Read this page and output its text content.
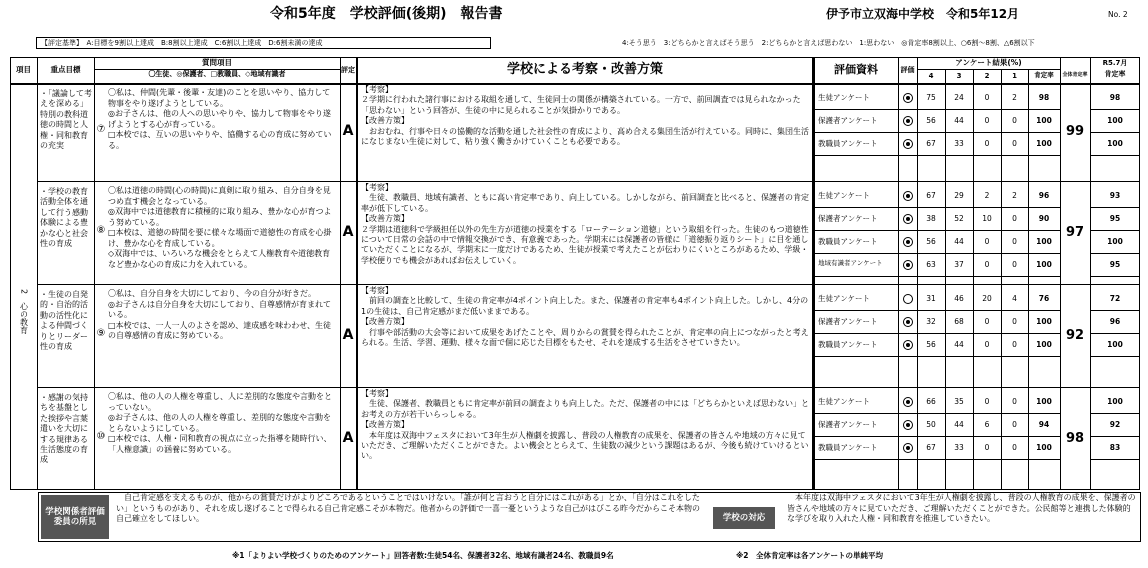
令和5年度　学校評価(後期)　報告書	伊予市立双海中学校　令和5年12月	No. 2
【評定基準】　A:目標を9割以上達成　B:8割以上達成　C:6割以上達成　D:6割未満の達成	4:そう思う　3:どちらかと言えばそう思う　2:どちらかと言えば思わない　1:思わない　◎肯定率8割以上、○6割～8割、△6割以下
項目	重点目標
質問項目
〇生徒、◎保護者、□教職員、◇地域有識者
評定	学校による考察・改善方策	評価資料	評価
アンケート結果(%)
4	3	2	1	肯定率	全体肯定率
R5.7月
肯定率
2　心の教育
・「議論して考えを深める」特別の教科道徳の時間と人権・同和教育の充実
⑦
〇私は、仲間(先輩・後輩・友達)のことを思いやり、協力して物事をやり遂げようとしている。
◎お子さんは、他の人への思いやりや、協力して物事をやり遂げようとする心が育っている。
□本校では、互いの思いやりや、協働する心の育成に努めている。
A
【考察】
２学期に行われた諸行事における取組を通して、生徒同士の関係が構築されている。一方で、前回調査では見られなかった「思わない」という回答が、生徒の中に見られることが気掛かりである。
【改善方策】
　おおむね、行事や日々の協働的な活動を通した社会性の育成により、高め合える集団生活が行えている。同時に、集団生活になじまない生徒に対して、粘り強く働きかけていくことも必要である。
99
生徒アンケート	75	24	0	2	98	98
保護者アンケート	56	44	0	0	100	100
教職員アンケート	67	33	0	0	100	100
・学校の教育活動全体を通して行う感動体験による豊かな心と社会性の育成
⑧
〇私は道徳の時間(心の時間)に真剣に取り組み、自分自身を見つめ直す機会となっている。
◎双海中では道徳教育に積極的に取り組み、豊かな心が育つよう努めている。
□本校は、道徳の時間を要に様々な場面で道徳性の育成を心掛け、豊かな心を育成している。
◇双海中では、いろいろな機会をとらえて人権教育や道徳教育など豊かな心の育成に力を入れている。
A
【考察】
　生徒、教職員、地域有識者、ともに高い肯定率であり、向上している。しかしながら、前回調査と比べると、保護者の肯定率が低下している。
【改善方策】
２学期は道徳科で学級担任以外の先生方が道徳の授業をする「ローテーション道徳」という取組を行った。生徒のもつ道徳性について日常の会話の中で情報交換ができ、有意義であった。学期末には保護者の皆様に「道徳振り返りシート」に目を通していただくことになるが、学期末に一度だけであるため、生徒が授業で考えたことが伝わりにくいところがあるため、学級・学校便りでも機会があればお伝えしていく。
97
生徒アンケート	67	29	2	2	96	93
保護者アンケート	38	52	10	0	90	95
教職員アンケート	56	44	0	0	100	100
地域有識者アンケート	63	37	0	0	100	95
・生徒の自発的・自治的活動の活性化による仲間づくりとリーダー性の育成
⑨
〇私は、自分自身を大切にしており、今の自分が好きだ。
◎お子さんは自分自身を大切にしており、自尊感情が育まれている。
□本校では、一人一人のよさを認め、達成感を味わわせ、生徒の自尊感情の育成に努めている。	A
【考察】
　前回の調査と比較して、生徒の肯定率が4ポイント向上した。また、保護者の肯定率も4ポイント向上した。しかし、4分の1の生徒は、自己肯定感がまだ低いままである。
【改善方策】
　行事や部活動の大会等において成果をあげたことや、周りからの賞賛を得られたことが、肯定率の向上につながったと考えられる。生活、学習、運動、様々な面で個に応じた目標をもたせ、それを達成する生活をさせていきたい。	92
生徒アンケート	31	46	20	4	76	72
保護者アンケート	32	68	0	0	100	96
教職員アンケート	56	44	0	0	100	100
・感謝の気持ちを基盤とした挨拶や言葉遣いを大切にする規律ある生活態度の育成
⑩
〇私は、他の人の人権を尊重し、人に差別的な態度や言動をとっていない。
◎お子さんは、他の人の人権を尊重し、差別的な態度や言動をとらないようにしている。
□本校では、人権・同和教育の視点に立った指導を随時行い、「人権意識」の涵養に努めている。
A
【考察】
　生徒、保護者、教職員ともに肯定率が前回の調査よりも向上した。ただ、保護者の中には「どちらかといえば思わない」とお考えの方が若干いらっしゃる。
【改善方策】
　本年度は双海中フェスタにおいて3年生が人権劇を披露し、普段の人権教育の成果を、保護者の皆さんや地域の方々に見ていただき、ご理解いただくことができた。よい機会ととらえて、生徒数の減少という課題はあるが、今後も続けていけるといい。
98
生徒アンケート	66	35	0	0	100	100
保護者アンケート	50	44	6	0	94	92
教職員アンケート	67	33	0	0	100	83
学校関係者評価委員の所見
自己肯定感を支えるものが、他からの賞賛だけがよりどころであるということではいけない。「誰が何と言おうと自分にはこれがある」とか、「自分はこれをしたい」というものがあり、それを成し遂げることで得られる自己肯定感こそが本物だ。他者からの評価で一喜一憂というような自己がはびこる昨今だからこそ本物の自己確立をしてほしい。	学校の対応
本年度は双海中フェスタにおいて3年生が人権劇を披露し、普段の人権教育の成果を、保護者の皆さんや地域の方々に見ていただき、ご理解いただくことができた。公民館等と連携した体験的な学びを取り入れた人権・同和教育を推進していきたい。
※1「よりよい学校づくりのためのアンケート」回答者数:生徒54名、保護者32名、地域有識者24名、教職員9名	※2　全体肯定率は各アンケートの単純平均
